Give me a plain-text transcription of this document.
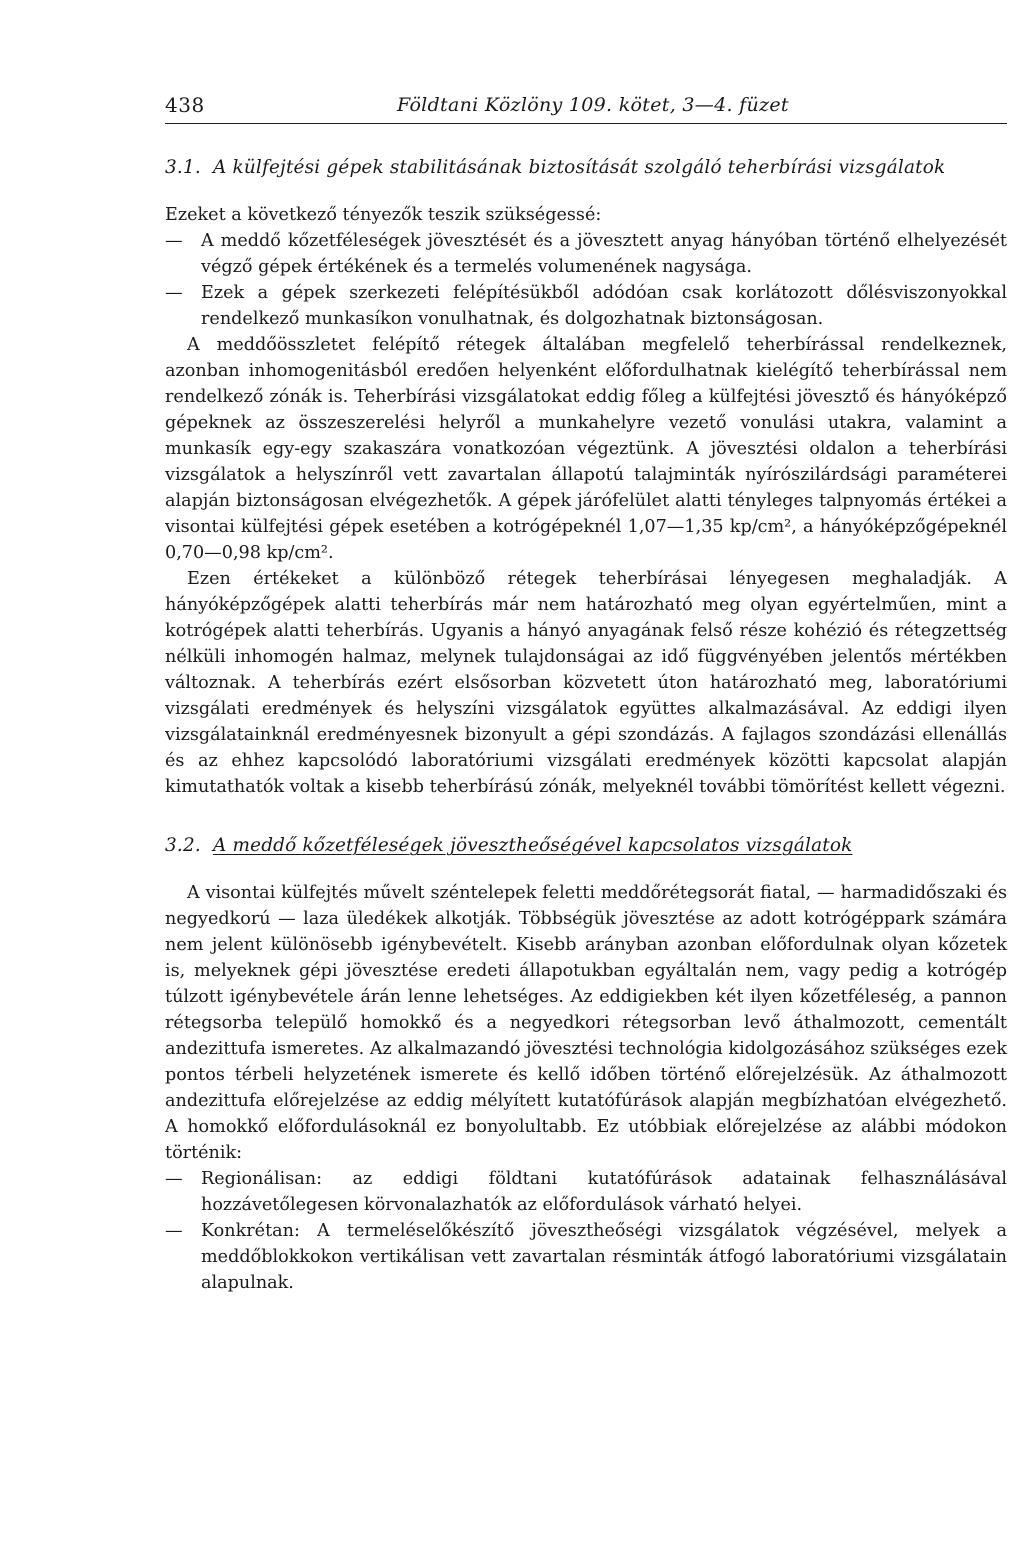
438	Földtani Közlöny 109. kötet, 3—4. füzet
3.1. A külfejtési gépek stabilitásának biztosítását szolgáló teherbírási vizsgálatok

Ezeket a következő tényezők teszik szükségessé:

— A meddő kőzetféleségek jövesztését és a jövesztett anyag hányóban történő elhelyezését végző gépek értékének és a termelés volumenének nagysága.
— Ezek a gépek szerkezeti felépítésükből adódóan csak korlátozott dőlésviszonyokkal rendelkező munkasíkon vonulhatnak, és dolgozhatnak biztonságosan.

A meddőösszletet felépítő rétegek általában megfelelő teherbírással rendelkeznek, azonban inhomogenitásból eredően helyenként előfordulhatnak kielégítő teherbírással nem rendelkező zónák is. Teherbírási vizsgálatokat eddig főleg a külfejtési jövesztő és hányóképző gépeknek az összeszerelési helyről a munkahelyre vezető vonulási utakra, valamint a munkasík egy-egy szakaszára vonatkozóan végeztünk. A jövesztési oldalon a teherbírási vizsgálatok a helyszínről vett zavartalan állapotú talajminták nyírószilárdsági paraméterei alapján biztonságosan elvégezhetők. A gépek járófelület alatti tényleges talpnyomás értékei a visontai külfejtési gépek esetében a kotrógépeknél 1,07—1,35 kp/cm², a hányóképzőgépeknél 0,70—0,98 kp/cm².

Ezen értékeket a különböző rétegek teherbírásai lényegesen meghaladják. A hányóképzőgépek alatti teherbírás már nem határozható meg olyan egyértelműen, mint a kotrógépek alatti teherbírás. Ugyanis a hányó anyagának felső része kohézió és rétegzettség nélküli inhomogén halmaz, melynek tulajdonságai az idő függvényében jelentős mértékben változnak. A teherbírás ezért elsősorban közvetett úton határozható meg, laboratóriumi vizsgálati eredmények és helyszíni vizsgálatok együttes alkalmazásával. Az eddigi ilyen vizsgálatainknál eredményesnek bizonyult a gépi szondázás. A fajlagos szondázási ellenállás és az ehhez kapcsolódó laboratóriumi vizsgálati eredmények közötti kapcsolat alapján kimutathatók voltak a kisebb teherbírású zónák, melyeknél további tömörítést kellett végezni.

3.2. A meddő kőzetféleségek jövesztheőségével kapcsolatos vizsgálatok

A visontai külfejtés művelt széntelepek feletti meddőrétegsorát fiatal, — harmadidőszaki és negyedkorú — laza üledékek alkotják. Többségük jövesztése az adott kotrógéppark számára nem jelent különösebb igénybevételt. Kisebb arányban azonban előfordulnak olyan kőzetek is, melyeknek gépi jövesztése eredeti állapotukban egyáltalán nem, vagy pedig a kotrógép túlzott igénybevétele árán lenne lehetséges. Az eddigiekben két ilyen kőzetféleség, a pannon rétegsorba települő homokkő és a negyedkori rétegsorban levő áthalmozott, cementált andezittufa ismeretes. Az alkalmazandó jövesztési technológia kidolgozásához szükséges ezek pontos térbeli helyzetének ismerete és kellő időben történő előrejelzésük. Az áthalmozott andezittufa előrejelzése az eddig mélyített kutatófúrások alapján megbízhatóan elvégezhető. A homokkő előfordulásoknál ez bonyolultabb. Ez utóbbiak előrejelzése az alábbi módokon történik:

— Regionálisan: az eddigi földtani kutatófúrások adatainak felhasználásával hozzávetőlegesen körvonalazhatók az előfordulások várható helyei.
— Konkrétan: A termeléselőkészítő jövesztheőségi vizsgálatok végzésével, melyek a meddőblokkokon vertikálisan vett zavartalan résminták átfogó laboratóriumi vizsgálatain alapulnak.
